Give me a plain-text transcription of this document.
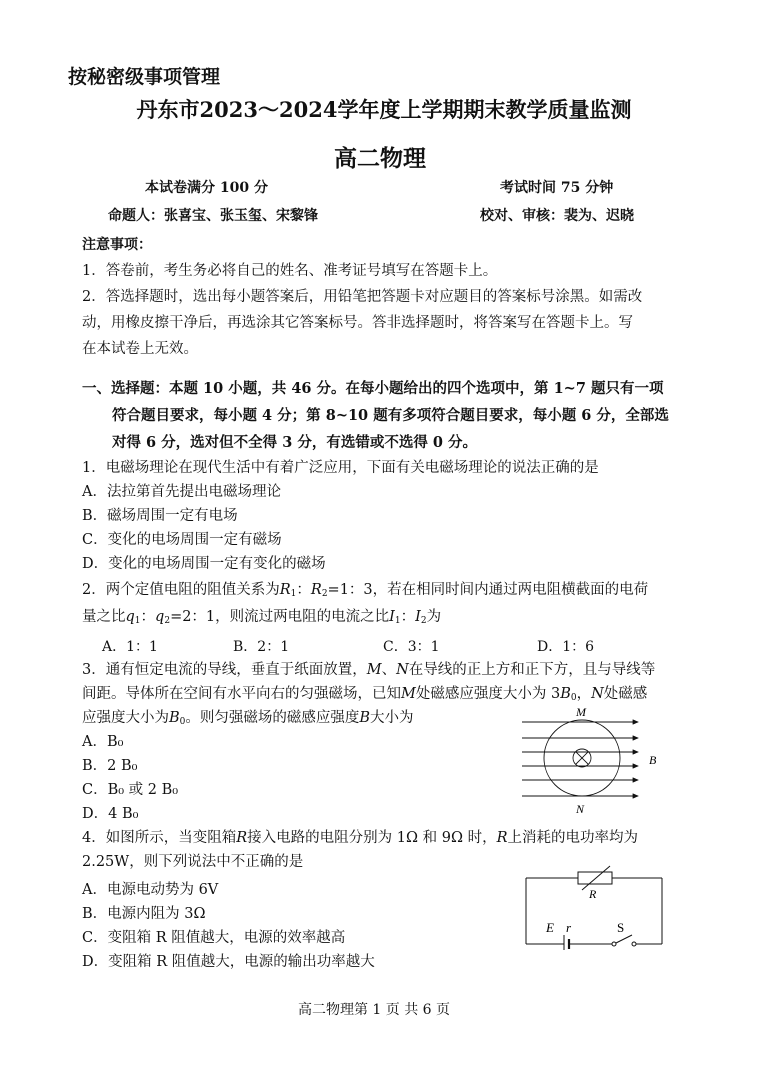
按秘密级事项管理
丹东市2023～2024学年度上学期期末教学质量监测
高二物理
本试卷满分 100 分	考试时间 75 分钟
命题人：张喜宝、张玉玺、宋黎锋	校对、审核：裴为、迟晓
注意事项：
1．答卷前，考生务必将自己的姓名、准考证号填写在答题卡上。
2．答选择题时，选出每小题答案后，用铅笔把答题卡对应题目的答案标号涂黑。如需改
动，用橡皮擦干净后，再选涂其它答案标号。答非选择题时，将答案写在答题卡上。写
在本试卷上无效。
一、选择题：本题 10 小题，共 46 分。在每小题给出的四个选项中，第 1~7 题只有一项
符合题目要求，每小题 4 分；第 8~10 题有多项符合题目要求，每小题 6 分，全部选
对得 6 分，选对但不全得 3 分，有选错或不选得 0 分。
1．电磁场理论在现代生活中有着广泛应用，下面有关电磁场理论的说法正确的是
A．法拉第首先提出电磁场理论
B．磁场周围一定有电场
C．变化的电场周围一定有磁场
D．变化的电场周围一定有变化的磁场
2．两个定值电阻的阻值关系为$R_1$：$R_2=1$：3，若在相同时间内通过两电阻横截面的电荷
量之比$q_1$：$q_2=2$：1，则流过两电阻的电流之比$I_1$：$I_2$为
A．1：1	B．2：1	C．3：1	D．1：6
3．通有恒定电流的导线，垂直于纸面放置，M、N在导线的正上方和正下方，且与导线等
间距。导体所在空间有水平向右的匀强磁场，已知M处磁感应强度大小为 $3B_0$，N处磁感
应强度大小为$B_0$。则匀强磁场的磁感应强度B大小为
A．B₀
B．2 B₀
C．B₀ 或 2 B₀
D．4 B₀
M
N
B
4．如图所示，当变阻箱R接入电路的电阻分别为 1Ω 和 9Ω 时，R上消耗的电功率均为
2.25W，则下列说法中不正确的是
A．电源电动势为 6V
B．电源内阻为 3Ω
C．变阻箱 R 阻值越大，电源的效率越高
D．变阻箱 R 阻值越大，电源的输出功率越大
R
E r	S
高二物理第 1 页 共 6 页
